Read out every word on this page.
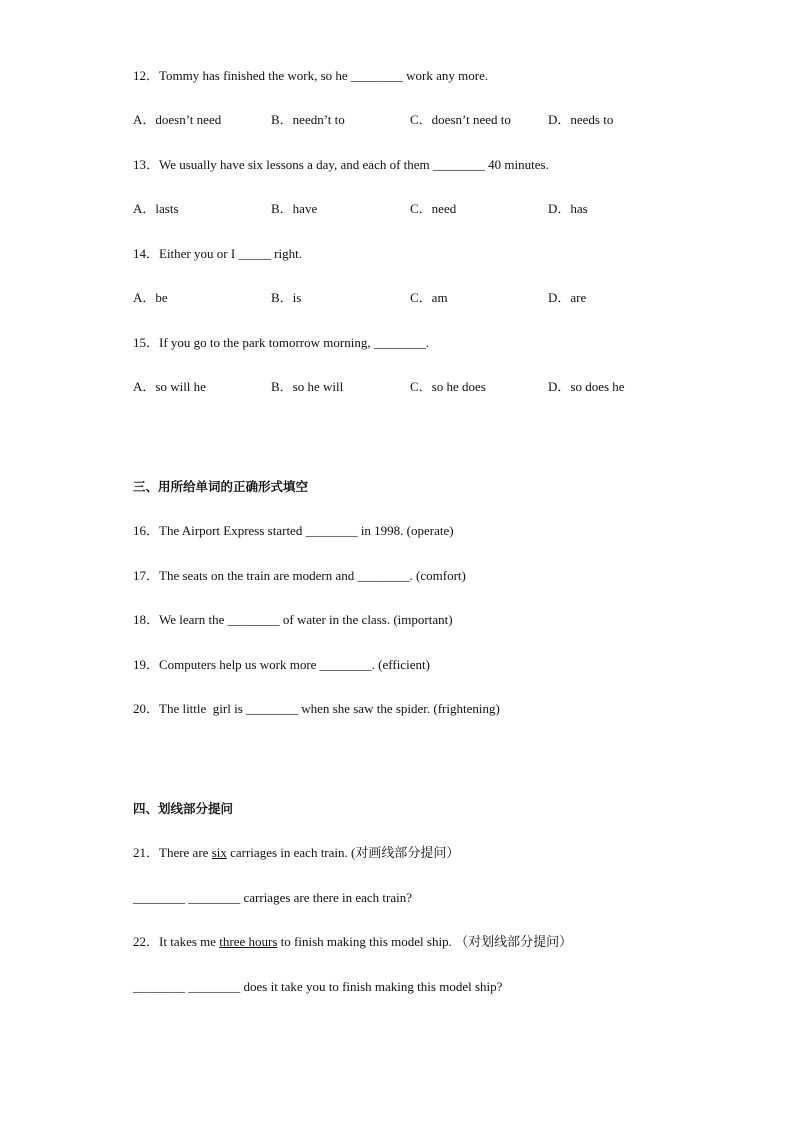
12．Tommy has finished the work, so he ________ work any more.
A．doesn’t need	B．needn’t to	C．doesn’t need to	D．needs to
13．We usually have six lessons a day, and each of them ________ 40 minutes.
A．lasts	B．have	C．need	D．has
14．Either you or I _____ right.
A．be	B．is	C．am	D．are
15．If you go to the park tomorrow morning, ________.
A．so will he	B．so he will	C．so he does	D．so does he
三、用所给单词的正确形式填空
16．The Airport Express started ________ in 1998. (operate)
17．The seats on the train are modern and ________. (comfort)
18．We learn the ________ of water in the class. (important)
19．Computers help us work more ________. (efficient)
20．The little  girl is ________ when she saw the spider. (frightening)
四、划线部分提问
21．There are six carriages in each train. (对画线部分提问）
________ ________ carriages are there in each train?
22．It takes me three hours to finish making this model ship. （对划线部分提问）
________ ________ does it take you to finish making this model ship?
